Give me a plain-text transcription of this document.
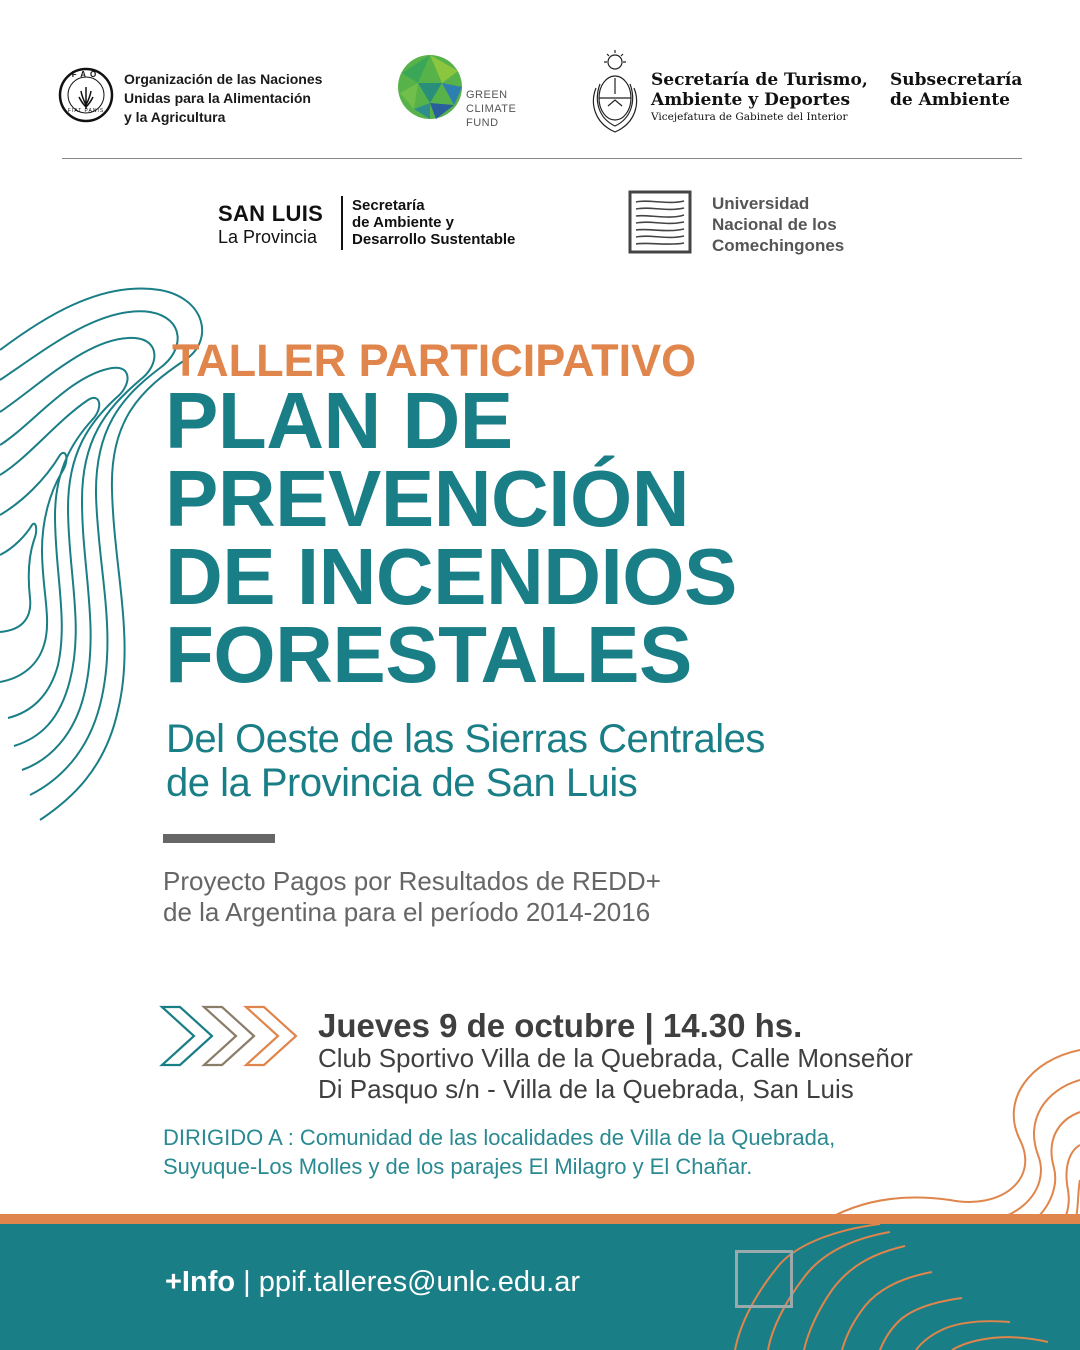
FAO
FIAT PANIS
Organización de las Naciones
Unidas para la Alimentación
y la Agricultura
GREEN
CLIMATE
FUND
Secretaría de Turismo,
Ambiente y Deportes
Vicejefatura de Gabinete del Interior
Subsecretaría
de Ambiente
SAN LUIS
La Provincia
Secretaría
de Ambiente y
Desarrollo Sustentable
Universidad
Nacional de los
Comechingones
TALLER PARTICIPATIVO
PLAN DE
PREVENCIÓN
DE INCENDIOS
FORESTALES
Del Oeste de las Sierras Centrales
de la Provincia de San Luis
Proyecto Pagos por Resultados de REDD+
de la Argentina para el período 2014-2016
Jueves 9 de octubre | 14.30 hs.
Club Sportivo Villa de la Quebrada, Calle Monseñor
Di Pasquo s/n - Villa de la Quebrada, San Luis
DIRIGIDO A : Comunidad de las localidades de Villa de la Quebrada,
Suyuque-Los Molles y de los parajes El Milagro y El Chañar.
+Info | ppif.talleres@unlc.edu.ar
